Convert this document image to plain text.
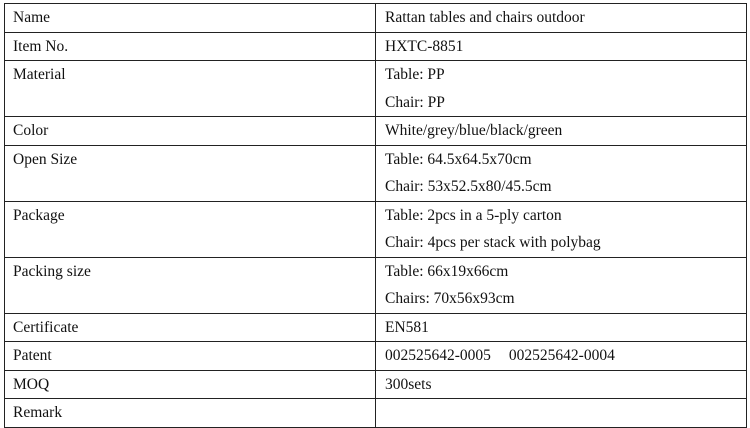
Name	Rattan tables and chairs outdoor

Item No.	HXTC-8851

Material	Table: PP
Chair: PP

Color	White/grey/blue/black/green

Open Size	Table: 64.5x64.5x70cm
Chair: 53x52.5x80/45.5cm

Package	Table: 2pcs in a 5-ply carton
Chair: 4pcs per stack with polybag

Packing size	Table: 66x19x66cm
Chairs: 70x56x93cm

Certificate	EN581

Patent	002525642-0005 002525642-0004

MOQ	300sets

Remark	
